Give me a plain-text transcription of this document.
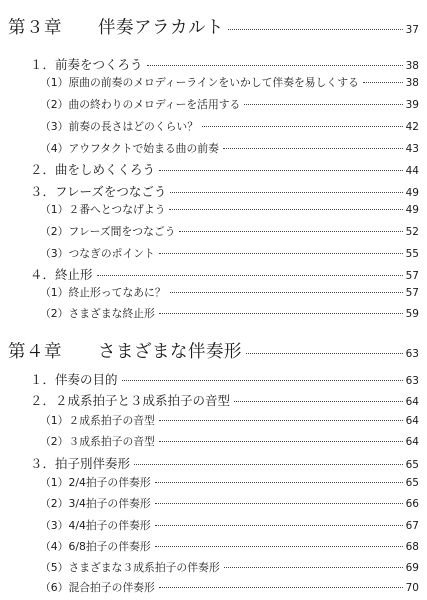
第３章　　伴奏アラカルト	37
１．前奏をつくろう	38
（1）原曲の前奏のメロディーラインをいかして伴奏を易しくする	38
（2）曲の終わりのメロディーを活用する	39
（3）前奏の長さはどのくらい？	42
（4）アウフタクトで始まる曲の前奏	43
２．曲をしめくくろう	44
３．フレーズをつなごう	49
（1）２番へとつなげよう	49
（2）フレーズ間をつなごう	52
（3）つなぎのポイント	55
４．終止形	57
（1）終止形ってなあに？	57
（2）さまざまな終止形	59
第４章　　さまざまな伴奏形	63
１．伴奏の目的	63
２．２成系拍子と３成系拍子の音型	64
（1）２成系拍子の音型	64
（2）３成系拍子の音型	64
３．拍子別伴奏形	65
（1）2/4拍子の伴奏形	65
（2）3/4拍子の伴奏形	66
（3）4/4拍子の伴奏形	67
（4）6/8拍子の伴奏形	68
（5）さまざまな３成系拍子の伴奏形	69
（6）混合拍子の伴奏形	70
